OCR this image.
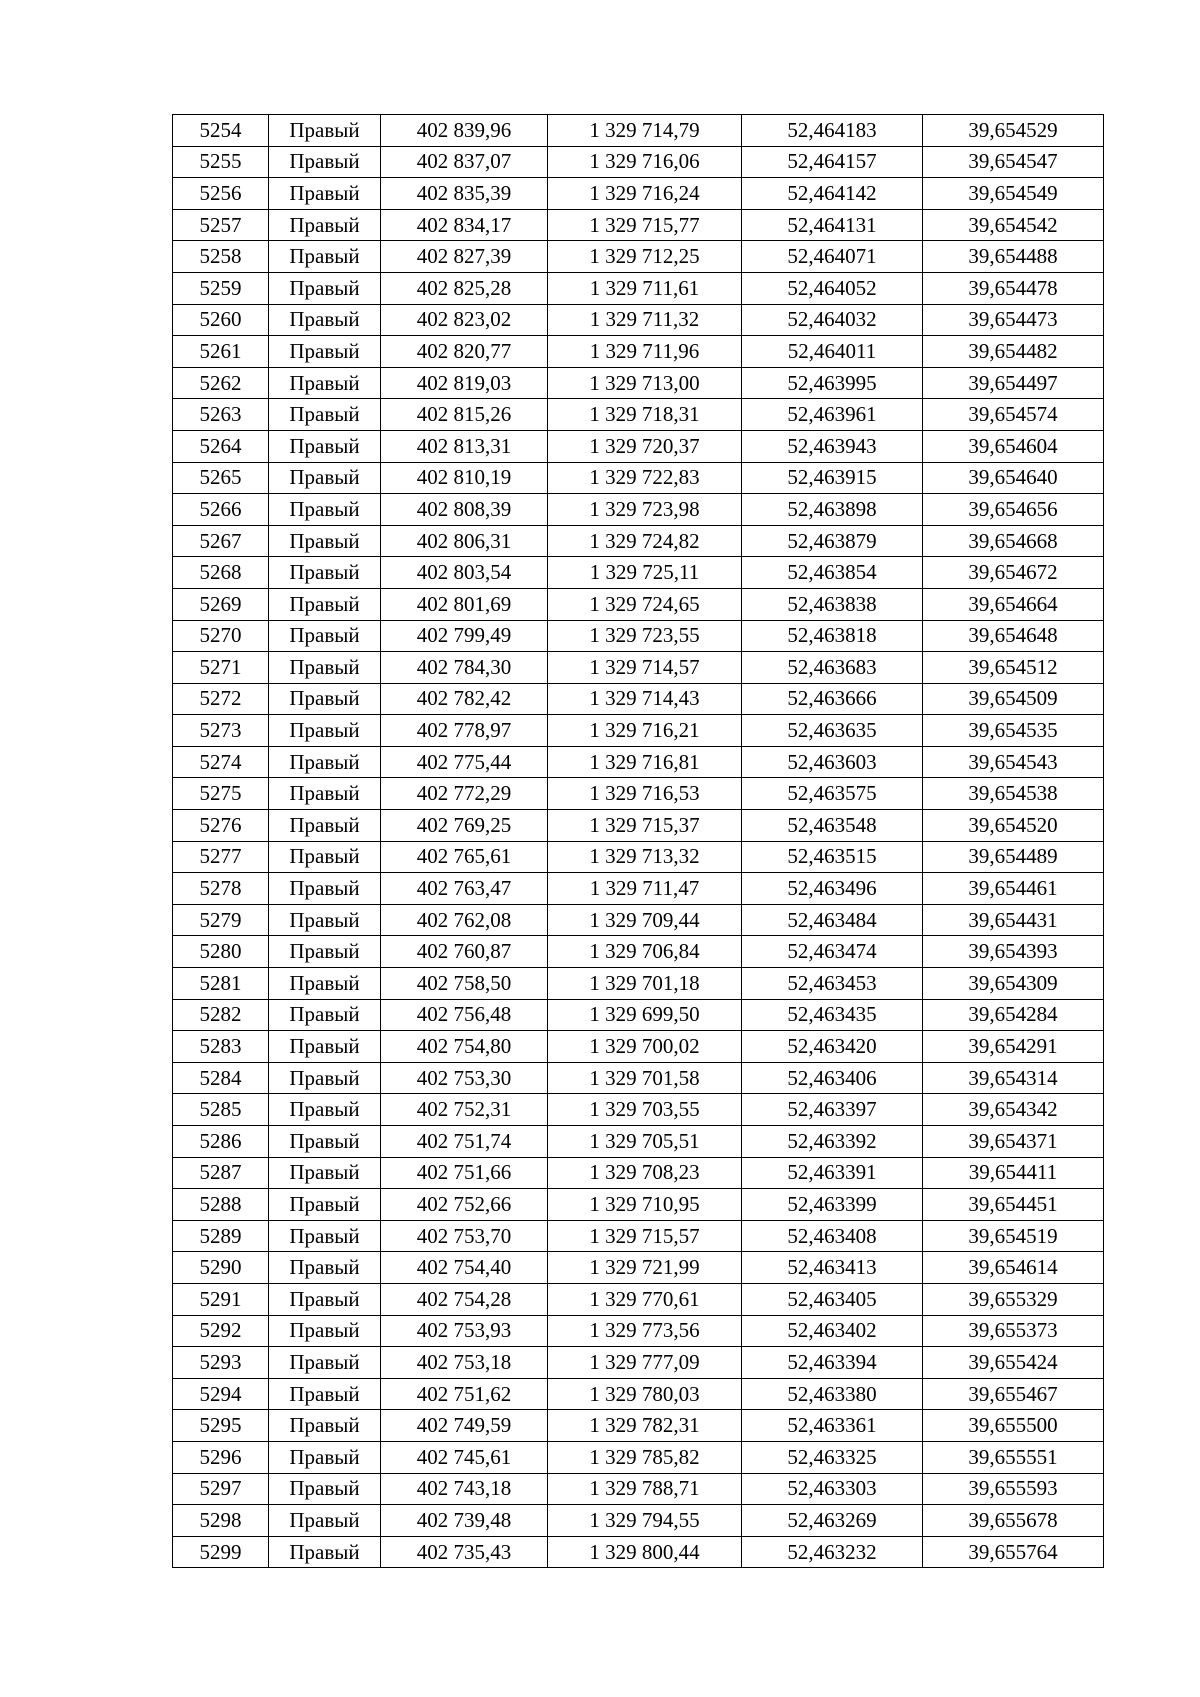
5254	Правый	402 839,96	1 329 714,79	52,464183	39,654529
5255	Правый	402 837,07	1 329 716,06	52,464157	39,654547
5256	Правый	402 835,39	1 329 716,24	52,464142	39,654549
5257	Правый	402 834,17	1 329 715,77	52,464131	39,654542
5258	Правый	402 827,39	1 329 712,25	52,464071	39,654488
5259	Правый	402 825,28	1 329 711,61	52,464052	39,654478
5260	Правый	402 823,02	1 329 711,32	52,464032	39,654473
5261	Правый	402 820,77	1 329 711,96	52,464011	39,654482
5262	Правый	402 819,03	1 329 713,00	52,463995	39,654497
5263	Правый	402 815,26	1 329 718,31	52,463961	39,654574
5264	Правый	402 813,31	1 329 720,37	52,463943	39,654604
5265	Правый	402 810,19	1 329 722,83	52,463915	39,654640
5266	Правый	402 808,39	1 329 723,98	52,463898	39,654656
5267	Правый	402 806,31	1 329 724,82	52,463879	39,654668
5268	Правый	402 803,54	1 329 725,11	52,463854	39,654672
5269	Правый	402 801,69	1 329 724,65	52,463838	39,654664
5270	Правый	402 799,49	1 329 723,55	52,463818	39,654648
5271	Правый	402 784,30	1 329 714,57	52,463683	39,654512
5272	Правый	402 782,42	1 329 714,43	52,463666	39,654509
5273	Правый	402 778,97	1 329 716,21	52,463635	39,654535
5274	Правый	402 775,44	1 329 716,81	52,463603	39,654543
5275	Правый	402 772,29	1 329 716,53	52,463575	39,654538
5276	Правый	402 769,25	1 329 715,37	52,463548	39,654520
5277	Правый	402 765,61	1 329 713,32	52,463515	39,654489
5278	Правый	402 763,47	1 329 711,47	52,463496	39,654461
5279	Правый	402 762,08	1 329 709,44	52,463484	39,654431
5280	Правый	402 760,87	1 329 706,84	52,463474	39,654393
5281	Правый	402 758,50	1 329 701,18	52,463453	39,654309
5282	Правый	402 756,48	1 329 699,50	52,463435	39,654284
5283	Правый	402 754,80	1 329 700,02	52,463420	39,654291
5284	Правый	402 753,30	1 329 701,58	52,463406	39,654314
5285	Правый	402 752,31	1 329 703,55	52,463397	39,654342
5286	Правый	402 751,74	1 329 705,51	52,463392	39,654371
5287	Правый	402 751,66	1 329 708,23	52,463391	39,654411
5288	Правый	402 752,66	1 329 710,95	52,463399	39,654451
5289	Правый	402 753,70	1 329 715,57	52,463408	39,654519
5290	Правый	402 754,40	1 329 721,99	52,463413	39,654614
5291	Правый	402 754,28	1 329 770,61	52,463405	39,655329
5292	Правый	402 753,93	1 329 773,56	52,463402	39,655373
5293	Правый	402 753,18	1 329 777,09	52,463394	39,655424
5294	Правый	402 751,62	1 329 780,03	52,463380	39,655467
5295	Правый	402 749,59	1 329 782,31	52,463361	39,655500
5296	Правый	402 745,61	1 329 785,82	52,463325	39,655551
5297	Правый	402 743,18	1 329 788,71	52,463303	39,655593
5298	Правый	402 739,48	1 329 794,55	52,463269	39,655678
5299	Правый	402 735,43	1 329 800,44	52,463232	39,655764
